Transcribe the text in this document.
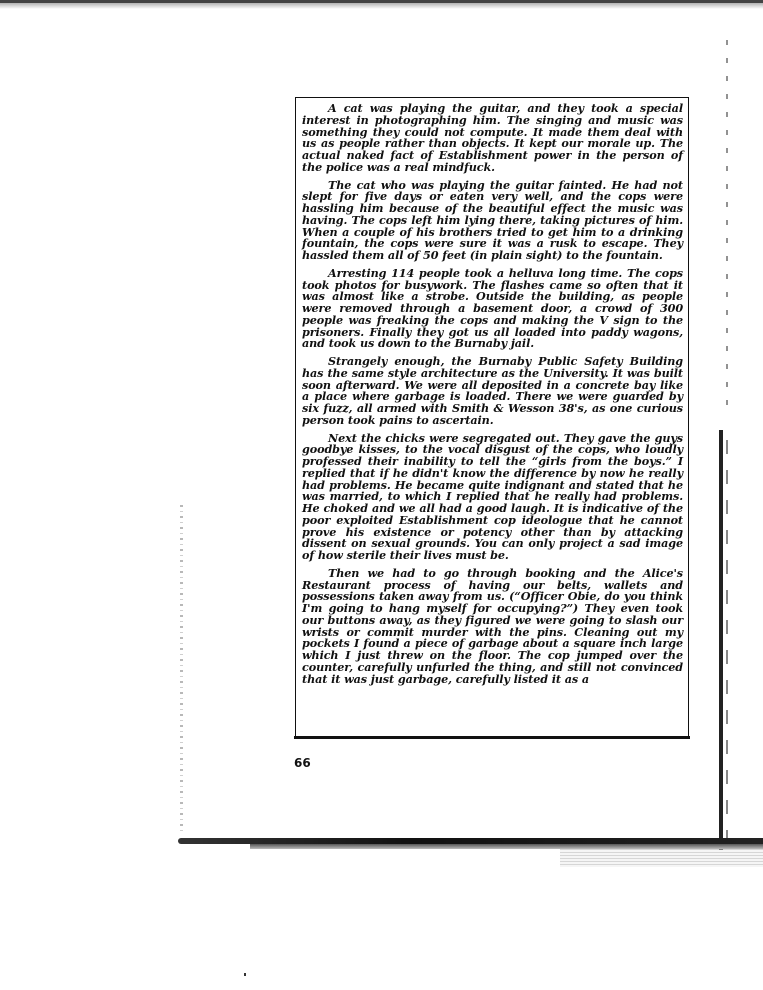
A cat was playing the guitar, and they took a special interest in photographing him. The singing and music was something they could not compute. It made them deal with us as people rather than objects. It kept our morale up. The actual naked fact of Establishment power in the person of the police was a real mindfuck.

The cat who was playing the guitar fainted. He had not slept for five days or eaten very well, and the cops were hassling him because of the beautiful effect the music was having. The cops left him lying there, taking pictures of him. When a couple of his brothers tried to get him to a drinking fountain, the cops were sure it was a rusk to escape. They hassled them all of 50 feet (in plain sight) to the fountain.

Arresting 114 people took a helluva long time. The cops took photos for busywork. The flashes came so often that it was almost like a strobe. Outside the building, as people were removed through a basement door, a crowd of 300 people was freaking the cops and making the V sign to the prisoners. Finally they got us all loaded into paddy wagons, and took us down to the Burnaby jail.

Strangely enough, the Burnaby Public Safety Building has the same style architecture as the University. It was built soon afterward. We were all deposited in a concrete bay like a place where garbage is loaded. There we were guarded by six fuzz, all armed with Smith & Wesson 38's, as one curious person took pains to ascertain.

Next the chicks were segregated out. They gave the guys goodbye kisses, to the vocal disgust of the cops, who loudly professed their inability to tell the “girls from the boys.” I replied that if he didn't know the difference by now he really had problems. He became quite indignant and stated that he was married, to which I replied that he really had problems. He choked and we all had a good laugh. It is indicative of the poor exploited Establishment cop ideologue that he cannot prove his existence or potency other than by attacking dissent on sexual grounds. You can only project a sad image of how sterile their lives must be.

Then we had to go through booking and the Alice's Restaurant process of having our belts, wallets and possessions taken away from us. (“Officer Obie, do you think I'm going to hang myself for occupying?”) They even took our buttons away, as they figured we were going to slash our wrists or commit murder with the pins. Cleaning out my pockets I found a piece of garbage about a square inch large which I just threw on the floor. The cop jumped over the counter, carefully unfurled the thing, and still not convinced that it was just garbage, carefully listed it as a

66
